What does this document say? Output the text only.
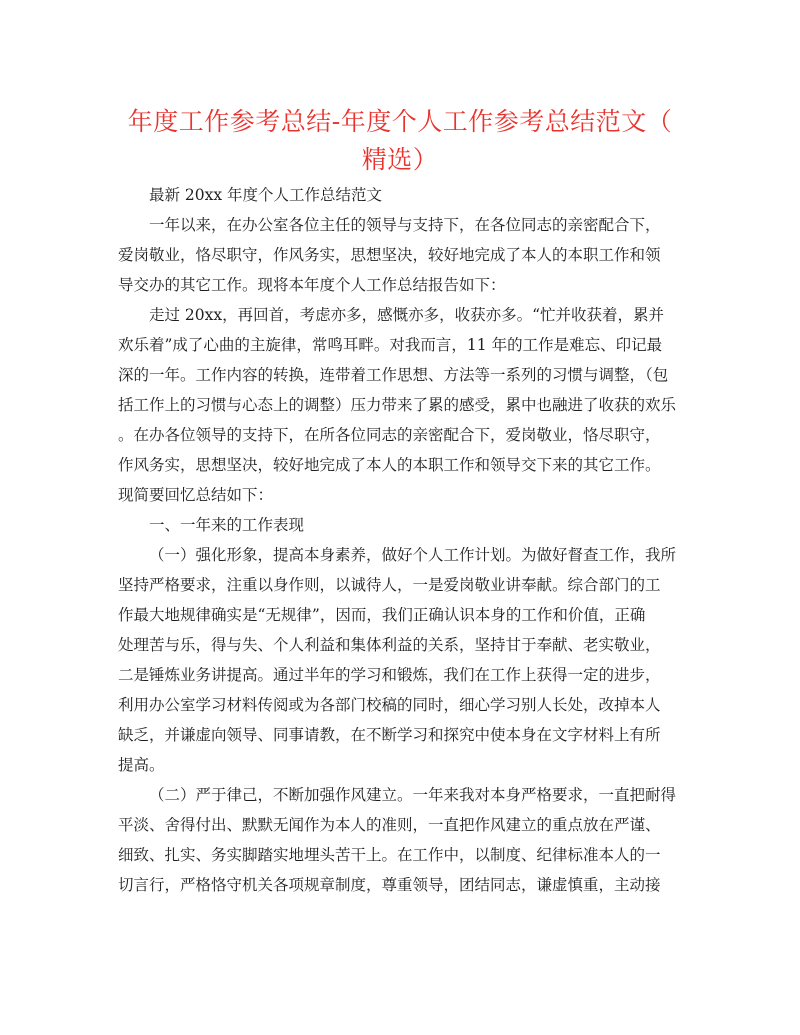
年度工作参考总结-年度个人工作参考总结范文（
精选）
最新 20xx 年度个人工作总结范文
一年以来，在办公室各位主任的领导与支持下，在各位同志的亲密配合下，
爱岗敬业，恪尽职守，作风务实，思想坚决，较好地完成了本人的本职工作和领
导交办的其它工作。现将本年度个人工作总结报告如下：
走过 20xx，再回首，考虑亦多，感慨亦多，收获亦多。“忙并收获着，累并
欢乐着”成了心曲的主旋律，常鸣耳畔。对我而言，11 年的工作是难忘、印记最
深的一年。工作内容的转换，连带着工作思想、方法等一系列的习惯与调整，（包
括工作上的习惯与心态上的调整）压力带来了累的感受，累中也融进了收获的欢乐
。在办各位领导的支持下，在所各位同志的亲密配合下，爱岗敬业，恪尽职守，
作风务实，思想坚决，较好地完成了本人的本职工作和领导交下来的其它工作。
现简要回忆总结如下：
一、一年来的工作表现
（一）强化形象，提高本身素养，做好个人工作计划。为做好督查工作，我所
坚持严格要求，注重以身作则，以诚待人，一是爱岗敬业讲奉献。综合部门的工
作最大地规律确实是“无规律”，因而，我们正确认识本身的工作和价值，正确
处理苦与乐，得与失、个人利益和集体利益的关系，坚持甘于奉献、老实敬业，
二是锤炼业务讲提高。通过半年的学习和锻炼，我们在工作上获得一定的进步，
利用办公室学习材料传阅或为各部门校稿的同时，细心学习别人长处，改掉本人
缺乏，并谦虚向领导、同事请教，在不断学习和探究中使本身在文字材料上有所
提高。
（二）严于律己，不断加强作风建立。一年来我对本身严格要求，一直把耐得
平淡、舍得付出、默默无闻作为本人的准则，一直把作风建立的重点放在严谨、
细致、扎实、务实脚踏实地埋头苦干上。在工作中，以制度、纪律标准本人的一
切言行，严格恪守机关各项规章制度，尊重领导，团结同志，谦虚慎重，主动接
